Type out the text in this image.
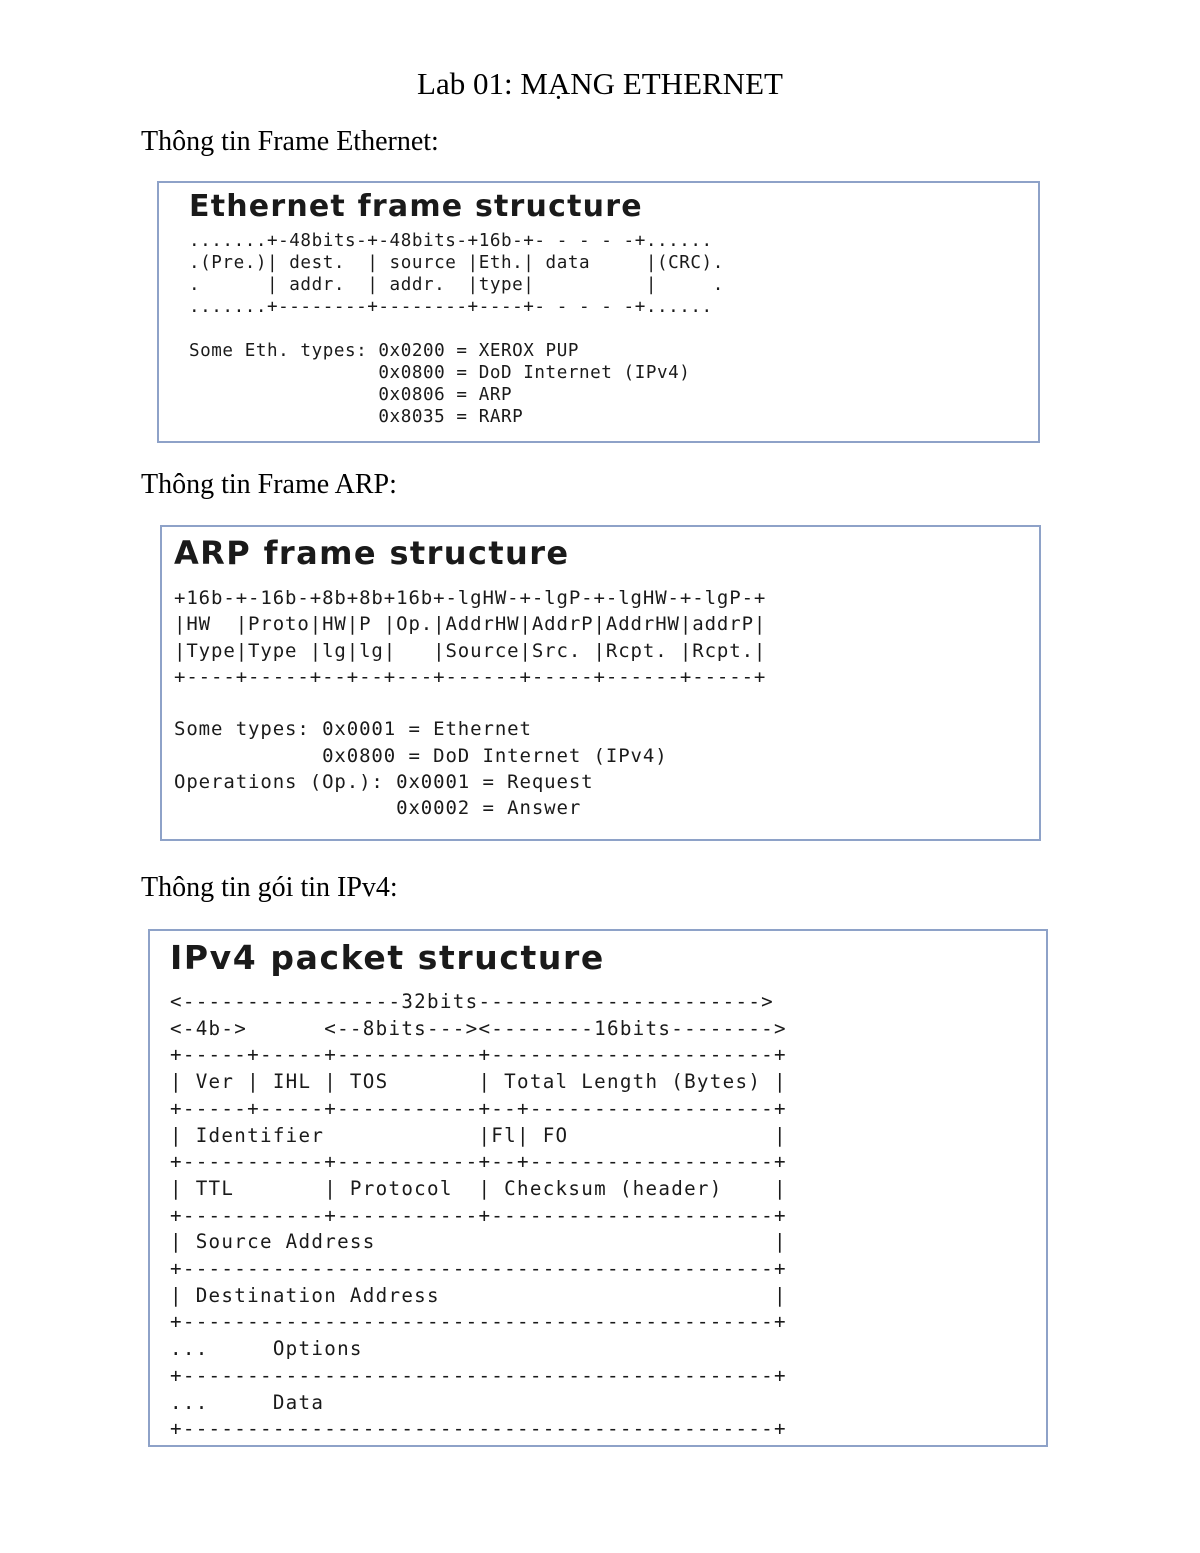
Lab 01: MẠNG ETHERNET
Thông tin Frame Ethernet:
Ethernet frame structure
.......+-48bits-+-48bits-+16b-+- - - - -+......
.(Pre.)| dest.  | source |Eth.| data     |(CRC).
.      | addr.  | addr.  |type|          |     .
.......+--------+--------+----+- - - - -+......

Some Eth. types: 0x0200 = XEROX PUP
0x0800 = DoD Internet (IPv4)
0x0806 = ARP
0x8035 = RARP
Thông tin Frame ARP:
ARP frame structure
+16b-+-16b-+8b+8b+16b+-lgHW-+-lgP-+-lgHW-+-lgP-+
|HW  |Proto|HW|P |Op.|AddrHW|AddrP|AddrHW|addrP|
|Type|Type |lg|lg|   |Source|Src. |Rcpt. |Rcpt.|
+----+-----+--+--+---+------+-----+------+-----+

Some types: 0x0001 = Ethernet
0x0800 = DoD Internet (IPv4)
Operations (Op.): 0x0001 = Request
0x0002 = Answer
Thông tin gói tin IPv4:
IPv4 packet structure
<-----------------32bits---------------------->
<-4b->      <--8bits---><--------16bits-------->
+-----+-----+-----------+----------------------+
| Ver | IHL | TOS       | Total Length (Bytes) |
+-----+-----+-----------+--+-------------------+
| Identifier            |Fl| FO                |
+-----------+-----------+--+-------------------+
| TTL       | Protocol  | Checksum (header)    |
+-----------+-----------+----------------------+
| Source Address                               |
+----------------------------------------------+
| Destination Address                          |
+----------------------------------------------+
...     Options
+----------------------------------------------+
...     Data
+----------------------------------------------+
